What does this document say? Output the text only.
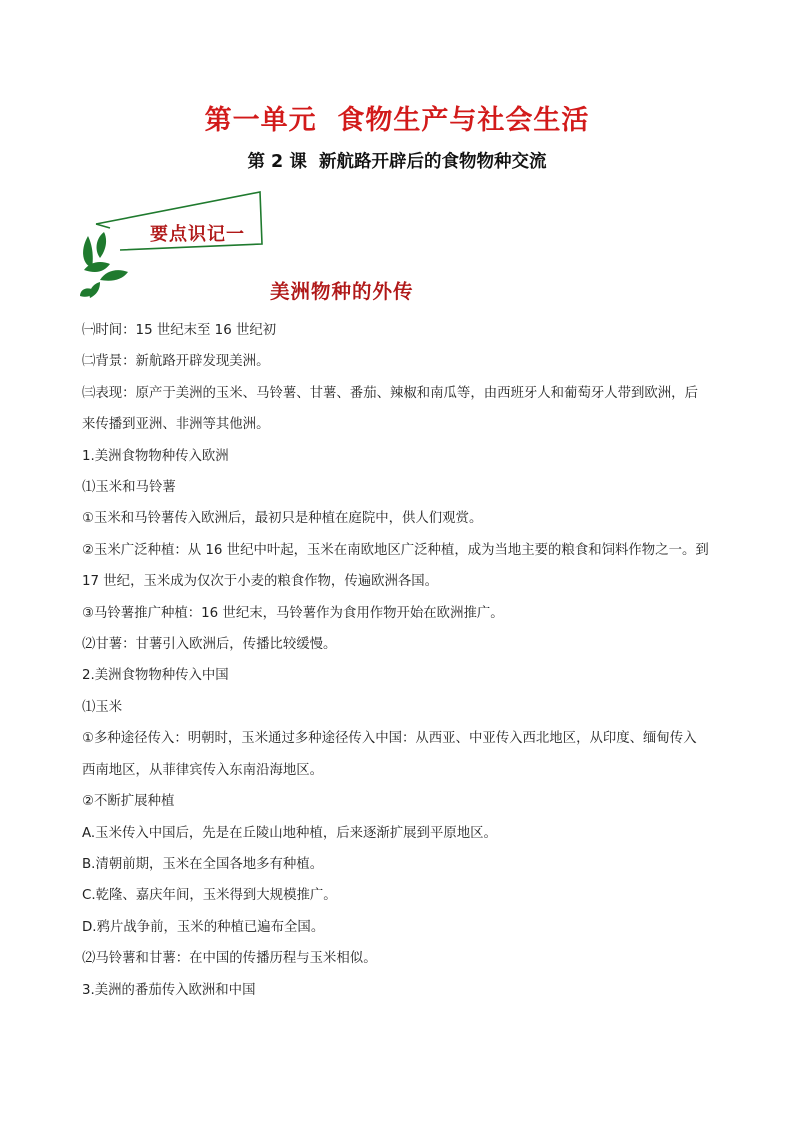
第一单元  食物生产与社会生活
第 2 课  新航路开辟后的食物物种交流
要点识记一
美洲物种的外传

㈠时间：15 世纪末至 16 世纪初

㈡背景：新航路开辟发现美洲。

㈢表现：原产于美洲的玉米、马铃薯、甘薯、番茄、辣椒和南瓜等，由西班牙人和葡萄牙人带到欧洲，后

来传播到亚洲、非洲等其他洲。

1.美洲食物物种传入欧洲

⑴玉米和马铃薯

①玉米和马铃薯传入欧洲后，最初只是种植在庭院中，供人们观赏。

②玉米广泛种植：从 16 世纪中叶起，玉米在南欧地区广泛种植，成为当地主要的粮食和饲料作物之一。到

17 世纪，玉米成为仅次于小麦的粮食作物，传遍欧洲各国。

③马铃薯推广种植：16 世纪末，马铃薯作为食用作物开始在欧洲推广。

⑵甘薯：甘薯引入欧洲后，传播比较缓慢。

2.美洲食物物种传入中国

⑴玉米

①多种途径传入：明朝时，玉米通过多种途径传入中国：从西亚、中亚传入西北地区，从印度、缅甸传入

西南地区，从菲律宾传入东南沿海地区。

②不断扩展种植

A.玉米传入中国后，先是在丘陵山地种植，后来逐渐扩展到平原地区。

B.清朝前期，玉米在全国各地多有种植。

C.乾隆、嘉庆年间，玉米得到大规模推广。

D.鸦片战争前，玉米的种植已遍布全国。

⑵马铃薯和甘薯：在中国的传播历程与玉米相似。

3.美洲的番茄传入欧洲和中国
